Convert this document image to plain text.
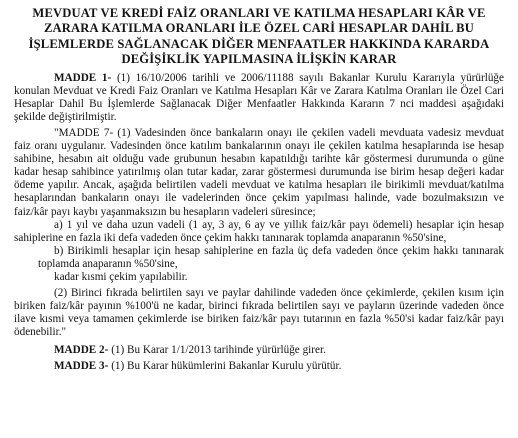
MEVDUAT VE KREDİ FAİZ ORANLARI VE KATILMA HESAPLARI KÂR VE
ZARARA KATILMA ORANLARI İLE ÖZEL CARİ HESAPLAR DAHİL BU
İŞLEMLERDE SAĞLANACAK DİĞER MENFAATLER HAKKINDA KARARDA
DEĞİŞİKLİK YAPILMASINA İLİŞKİN KARAR

MADDE 1- (1) 16/10/2006 tarihli ve 2006/11188 sayılı Bakanlar Kurulu Kararıyla yürürlüğe konulan Mevduat ve Kredi Faiz Oranları ve Katılma Hesapları Kâr ve Zarara Katılma Oranları ile Özel Cari Hesaplar Dahil Bu İşlemlerde Sağlanacak Diğer Menfaatler Hakkında Kararın 7 nci maddesi aşağıdaki şekilde değiştirilmiştir.

"MADDE 7- (1) Vadesinden önce bankaların onayı ile çekilen vadeli mevduata vadesiz mevduat faiz oranı uygulanır. Vadesinden önce katılım bankalarının onayı ile çekilen katılma hesaplarında ise hesap sahibine, hesabın ait olduğu vade grubunun hesabın kapatıldığı tarihte kâr göstermesi durumunda o güne kadar hesap sahibince yatırılmış olan tutar kadar, zarar göstermesi durumunda ise birim hesap değeri kadar ödeme yapılır. Ancak, aşağıda belirtilen vadeli mevduat ve katılma hesapları ile birikimli mevduat/katılma hesaplarından bankaların onayı ile vadelerinden önce çekim yapılması halinde, vade bozulmaksızın ve faiz/kâr payı kaybı yaşanmaksızın bu hesapların vadeleri süresince;

a) 1 yıl ve daha uzun vadeli (1 ay, 3 ay, 6 ay ve yıllık faiz/kâr payı ödemeli) hesaplar için hesap sahiplerine en fazla iki defa vadeden önce çekim hakkı tanınarak toplamda anaparanın %50'sine,

b) Birikimli hesaplar için hesap sahiplerine en fazla üç defa vadeden önce çekim hakkı tanınarak toplamda anaparanın %50'sine,

kadar kısmi çekim yapılabilir.

(2) Birinci fıkrada belirtilen sayı ve paylar dahilinde vadeden önce çekimlerde, çekilen kısım için biriken faiz/kâr payının %100'ü ne kadar, birinci fıkrada belirtilen sayı ve payların üzerinde vadeden önce ilave kısmi veya tamamen çekimlerde ise biriken faiz/kâr payı tutarının en fazla %50'si kadar faiz/kâr payı ödenebilir."

MADDE 2- (1) Bu Karar 1/1/2013 tarihinde yürürlüğe girer.

MADDE 3- (1) Bu Karar hükümlerini Bakanlar Kurulu yürütür.
